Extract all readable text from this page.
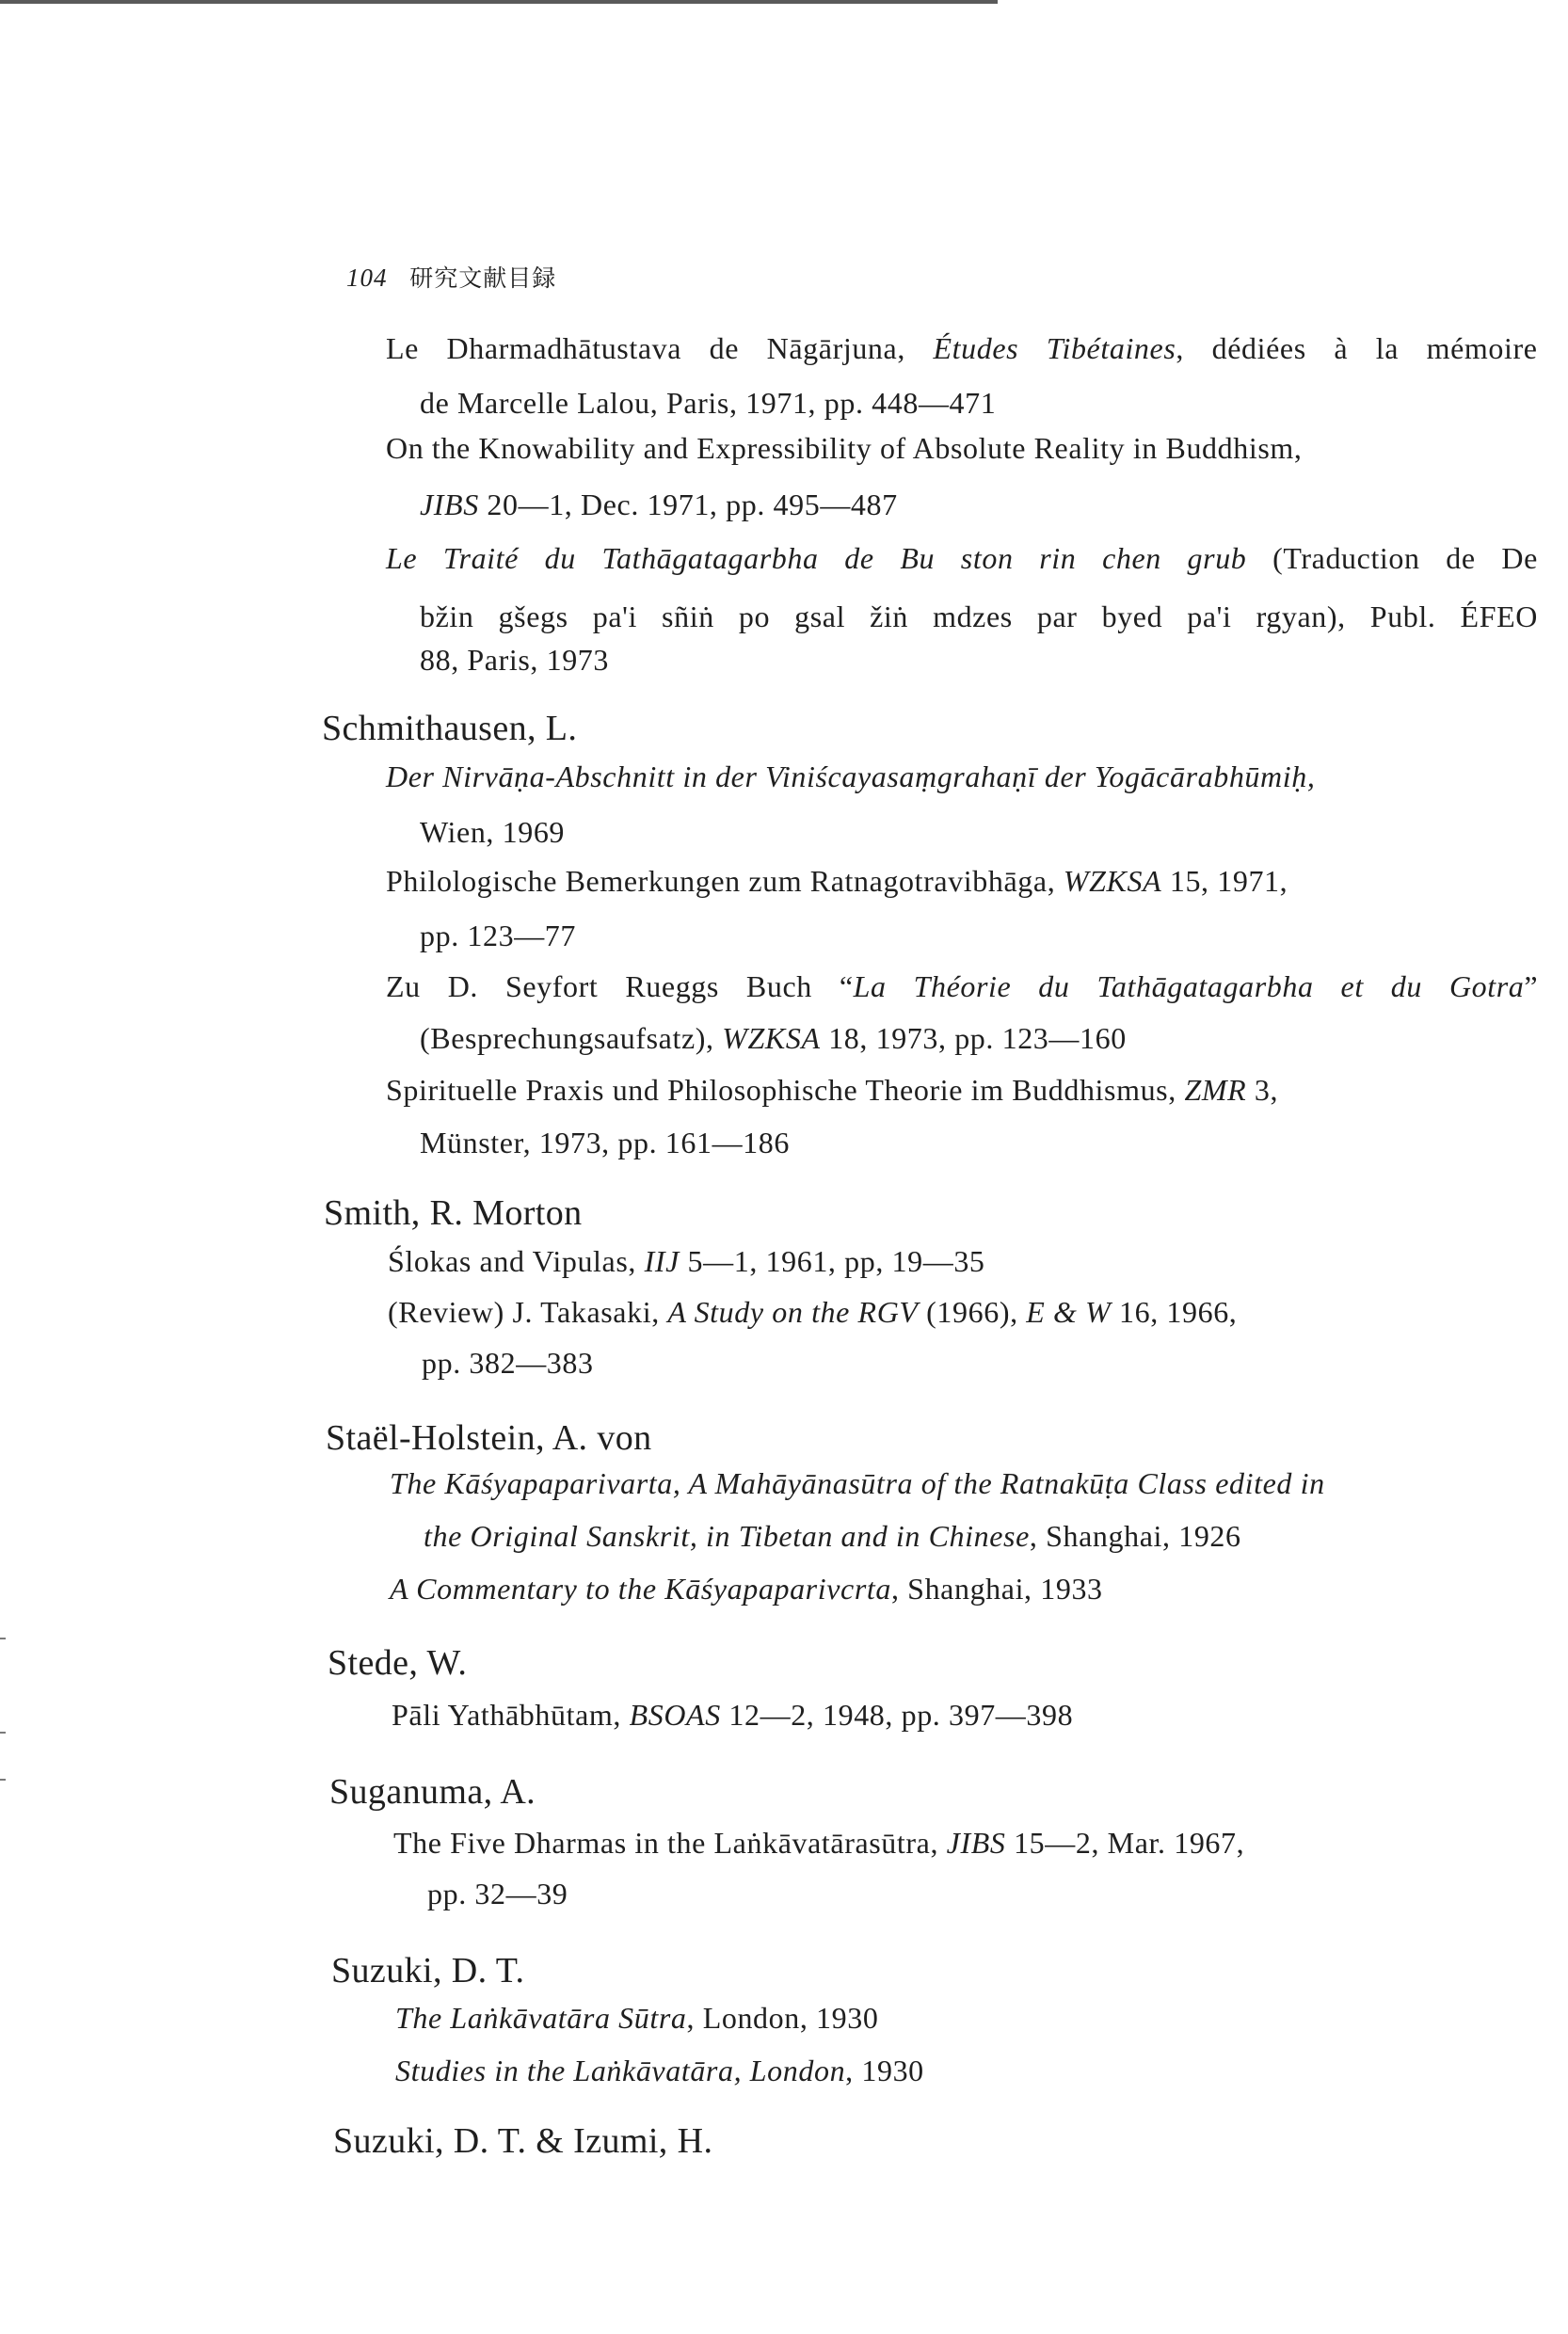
104 研究文献目録
Le Dharmadhātustava de Nāgārjuna, Études Tibétaines, dédiées à la mémoire
de Marcelle Lalou, Paris, 1971, pp. 448—471
On the Knowability and Expressibility of Absolute Reality in Buddhism,
JIBS 20—1, Dec. 1971, pp. 495—487
Le Traité du Tathāgatagarbha de Bu ston rin chen grub (Traduction de De
bžin gšegs pa'i sñiṅ po gsal žiṅ mdzes par byed pa'i rgyan), Publ. ÉFEO
88, Paris, 1973
Schmithausen, L.
Der Nirvāṇa-Abschnitt in der Viniścayasaṃgrahaṇī der Yogācārabhūmiḥ,
Wien, 1969
Philologische Bemerkungen zum Ratnagotravibhāga, WZKSA 15, 1971,
pp. 123—77
Zu D. Seyfort Rueggs Buch “La Théorie du Tathāgatagarbha et du Gotra”
(Besprechungsaufsatz), WZKSA 18, 1973, pp. 123—160
Spirituelle Praxis und Philosophische Theorie im Buddhismus, ZMR 3,
Münster, 1973, pp. 161—186
Smith, R. Morton
Ślokas and Vipulas, IIJ 5—1, 1961, pp, 19—35
(Review) J. Takasaki, A Study on the RGV (1966), E & W 16, 1966,
pp. 382—383
Staël-Holstein, A. von
The Kāśyapaparivarta, A Mahāyānasūtra of the Ratnakūṭa Class edited in
the Original Sanskrit, in Tibetan and in Chinese, Shanghai, 1926
A Commentary to the Kāśyapaparivcrta, Shanghai, 1933
Stede, W.
Pāli Yathābhūtam, BSOAS 12—2, 1948, pp. 397—398
Suganuma, A.
The Five Dharmas in the Laṅkāvatārasūtra, JIBS 15—2, Mar. 1967,
pp. 32—39
Suzuki, D. T.
The Laṅkāvatāra Sūtra, London, 1930
Studies in the Laṅkāvatāra, London, 1930
Suzuki, D. T. & Izumi, H.
